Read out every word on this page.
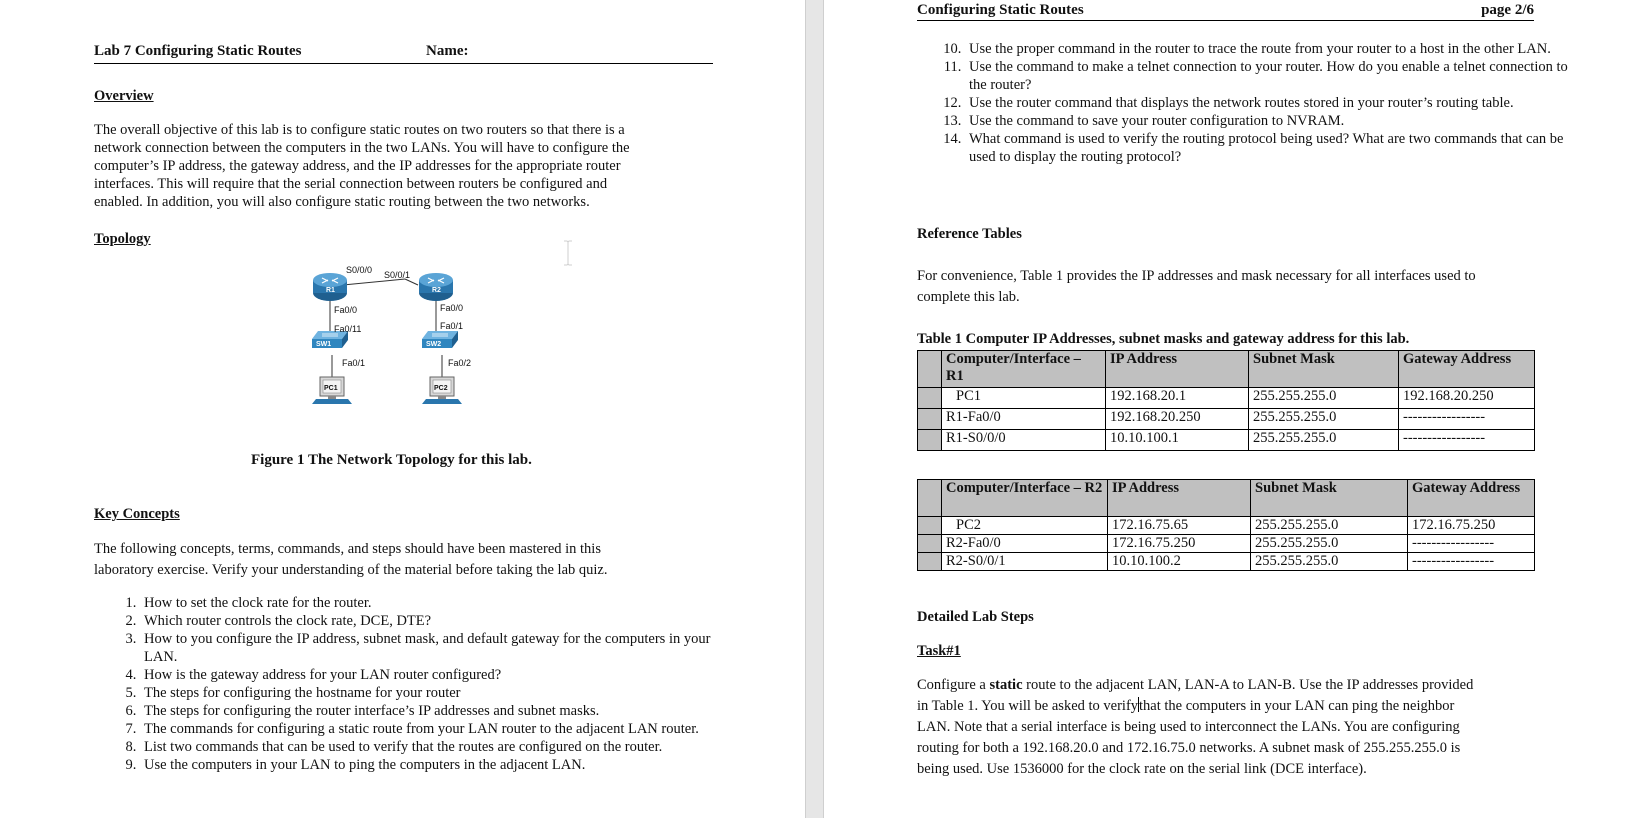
Lab 7 Configuring Static Routes	Name:
Overview
The overall objective of this lab is to configure static routes on two routers so that there is a
network connection between the computers in the two LANs. You will have to configure the
computer’s IP address, the gateway address, and the IP addresses for the appropriate router
interfaces. This will require that the serial connection between routers be configured and
enabled. In addition, you will also configure static routing between the two networks.
Topology
R1	R2
SW1	SW2
PC1	PC2
S0/0/0 S0/0/1
Fa0/0	Fa0/0
Fa0/11	Fa0/1
Fa0/1	Fa0/2
Figure 1 The Network Topology for this lab.
Key Concepts
The following concepts, terms, commands, and steps should have been mastered in this
laboratory exercise. Verify your understanding of the material before taking the lab quiz.
1. How to set the clock rate for the router.
2. Which router controls the clock rate, DCE, DTE?
3. How to you configure the IP address, subnet mask, and default gateway for the computers in your LAN.
4. How is the gateway address for your LAN router configured?
5. The steps for configuring the hostname for your router
6. The steps for configuring the router interface’s IP addresses and subnet masks.
7. The commands for configuring a static route from your LAN router to the adjacent LAN router.
8. List two commands that can be used to verify that the routes are configured on the router.
9. Use the computers in your LAN to ping the computers in the adjacent LAN.
Configuring Static Routes	page 2/6
10. Use the proper command in the router to trace the route from your router to a host in the other LAN.
11. Use the command to make a telnet connection to your router. How do you enable a telnet connection to the router?
12. Use the router command that displays the network routes stored in your router’s routing table.
13. Use the command to save your router configuration to NVRAM.
14. What command is used to verify the routing protocol being used? What are two commands that can be used to display the routing protocol?
Reference Tables
For convenience, Table 1 provides the IP addresses and mask necessary for all interfaces used to
complete this lab.
Table 1 Computer IP Addresses, subnet masks and gateway address for this lab.
	Computer/Interface – R1	IP Address	Subnet Mask	Gateway Address
	PC1	192.168.20.1	255.255.255.0	192.168.20.250
	R1-Fa0/0	192.168.20.250	255.255.255.0	-----------------
	R1-S0/0/0	10.10.100.1	255.255.255.0	-----------------
	Computer/Interface – R2	IP Address	Subnet Mask	Gateway Address
	PC2	172.16.75.65	255.255.255.0	172.16.75.250
	R2-Fa0/0	172.16.75.250	255.255.255.0	-----------------
	R2-S0/0/1	10.10.100.2	255.255.255.0	-----------------
Detailed Lab Steps
Task#1
Configure a static route to the adjacent LAN, LAN-A to LAN-B. Use the IP addresses provided
in Table 1. You will be asked to verifythat the computers in your LAN can ping the neighbor
LAN. Note that a serial interface is being used to interconnect the LANs. You are configuring
routing for both a 192.168.20.0 and 172.16.75.0 networks. A subnet mask of 255.255.255.0 is
being used. Use 1536000 for the clock rate on the serial link (DCE interface).
